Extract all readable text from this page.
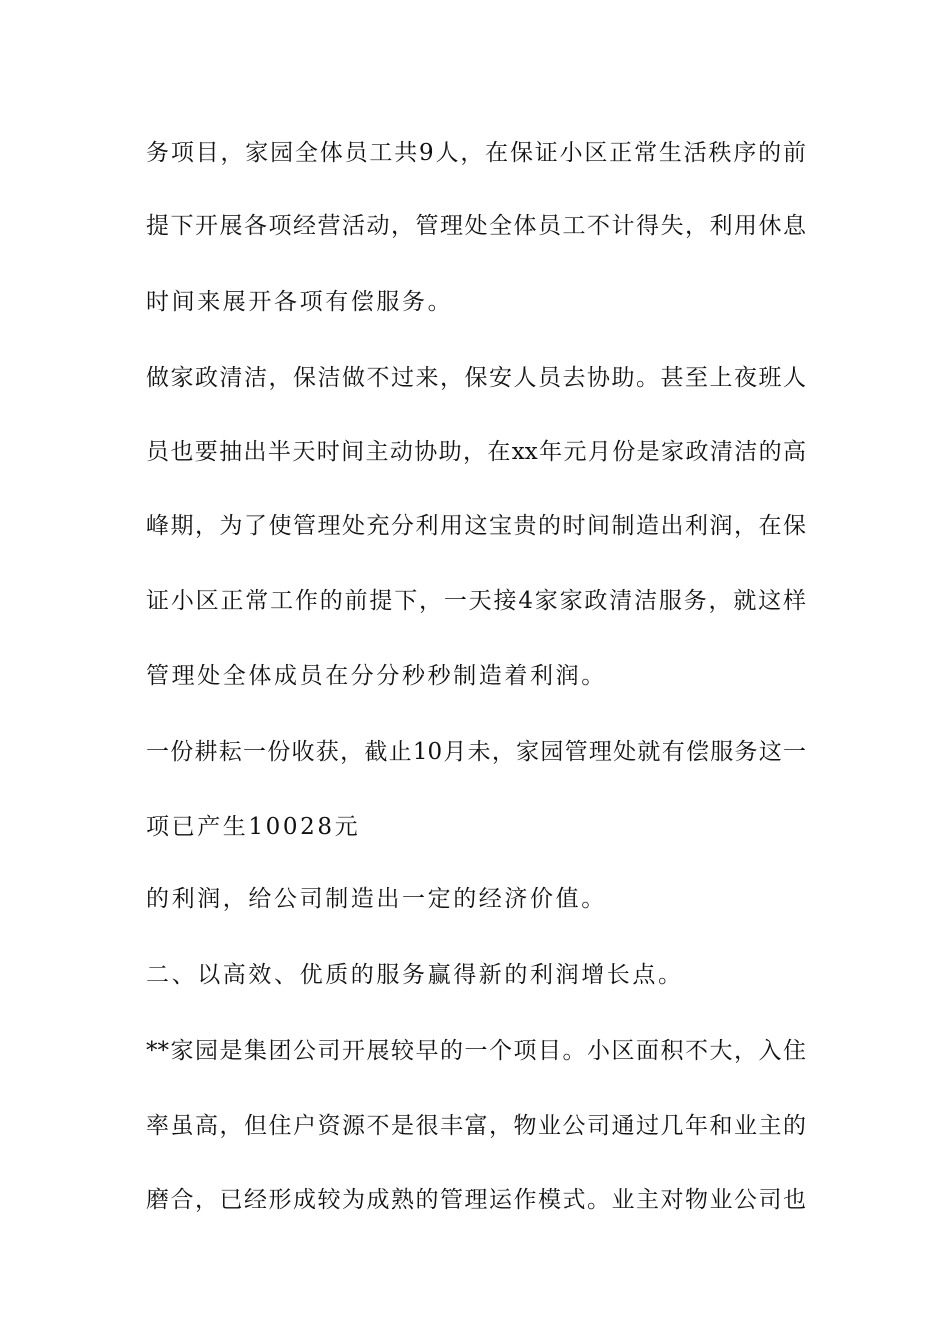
务项目，家园全体员工共9人，在保证小区正常生活秩序的前
提下开展各项经营活动，管理处全体员工不计得失，利用休息
时间来展开各项有偿服务。
做家政清洁，保洁做不过来，保安人员去协助。甚至上夜班人
员也要抽出半天时间主动协助，在xx年元月份是家政清洁的高
峰期，为了使管理处充分利用这宝贵的时间制造出利润，在保
证小区正常工作的前提下，一天接4家家政清洁服务，就这样
管理处全体成员在分分秒秒制造着利润。
一份耕耘一份收获，截止10月未，家园管理处就有偿服务这一
项已产生10028元
的利润，给公司制造出一定的经济价值。
二、以高效、优质的服务赢得新的利润增长点。
**家园是集团公司开展较早的一个项目。小区面积不大，入住
率虽高，但住户资源不是很丰富，物业公司通过几年和业主的
磨合，已经形成较为成熟的管理运作模式。业主对物业公司也
